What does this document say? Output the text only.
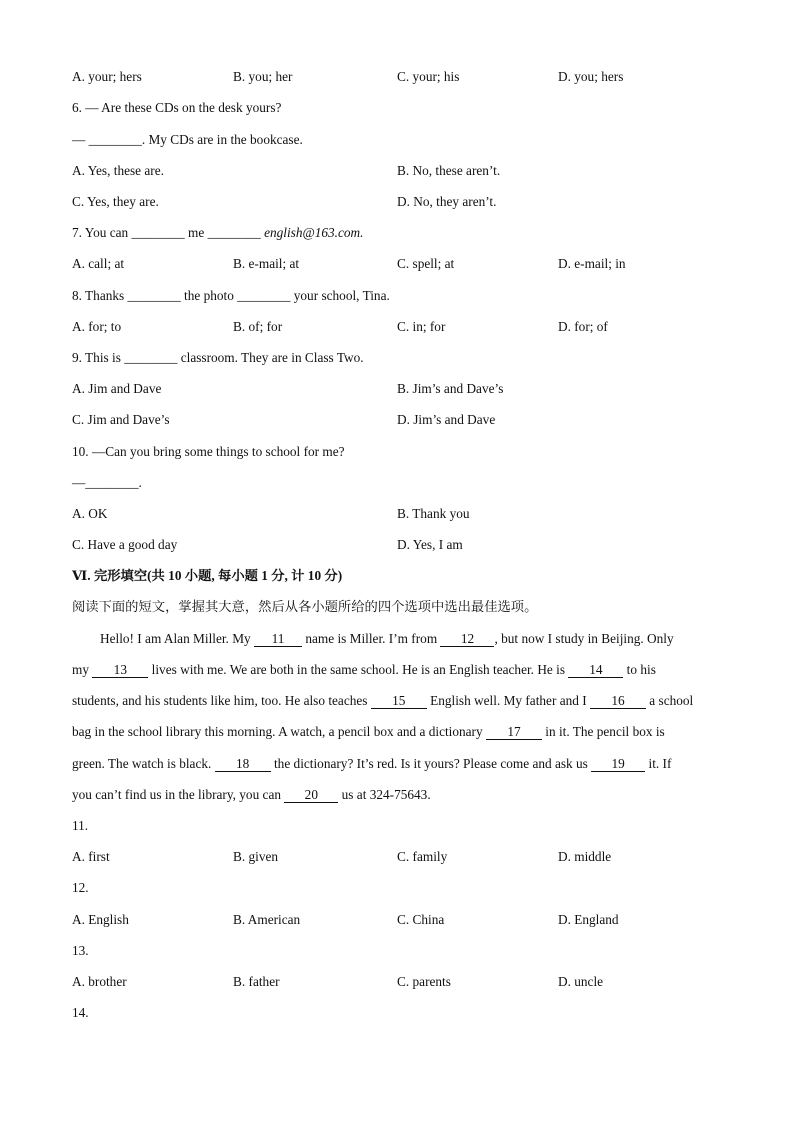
A. your; hers	B. you; her	C. your; his	D. you; hers
6. — Are these CDs on the desk yours?
— ________. My CDs are in the bookcase.
A. Yes, these are.	B. No, these aren’t.
C. Yes, they are.	D. No, they aren’t.
7. You can ________ me ________ english@163.com.
A. call; at	B. e-mail; at	C. spell; at	D. e-mail; in
8. Thanks ________ the photo ________ your school, Tina.
A. for; to	B. of; for	C. in; for	D. for; of
9. This is ________ classroom. They are in Class Two.
A. Jim and Dave	B. Jim’s and Dave’s
C. Jim and Dave’s	D. Jim’s and Dave
10. —Can you bring some things to school for me?
—________.
A. OK	B. Thank you
C. Have a good day	D. Yes, I am
Ⅵ. 完形填空(共 10 小题, 每小题 1 分, 计 10 分)
阅读下面的短文，掌握其大意，然后从各小题所给的四个选项中选出最佳选项。
Hello! I am Alan Miller. My 11 name is Miller. I’m from 12 , but now I study in Beijing. Only
my 13 lives with me. We are both in the same school. He is an English teacher. He is 14 to his
students, and his students like him, too. He also teaches 15 English well. My father and I 16 a school
bag in the school library this morning. A watch, a pencil box and a dictionary 17 in it. The pencil box is
green. The watch is black. 18 the dictionary? It’s red. Is it yours? Please come and ask us 19 it. If
you can’t find us in the library, you can 20 us at 324-75643.
11.
A. first	B. given	C. family	D. middle
12.
A. English	B. American	C. China	D. England
13.
A. brother	B. father	C. parents	D. uncle
14.
